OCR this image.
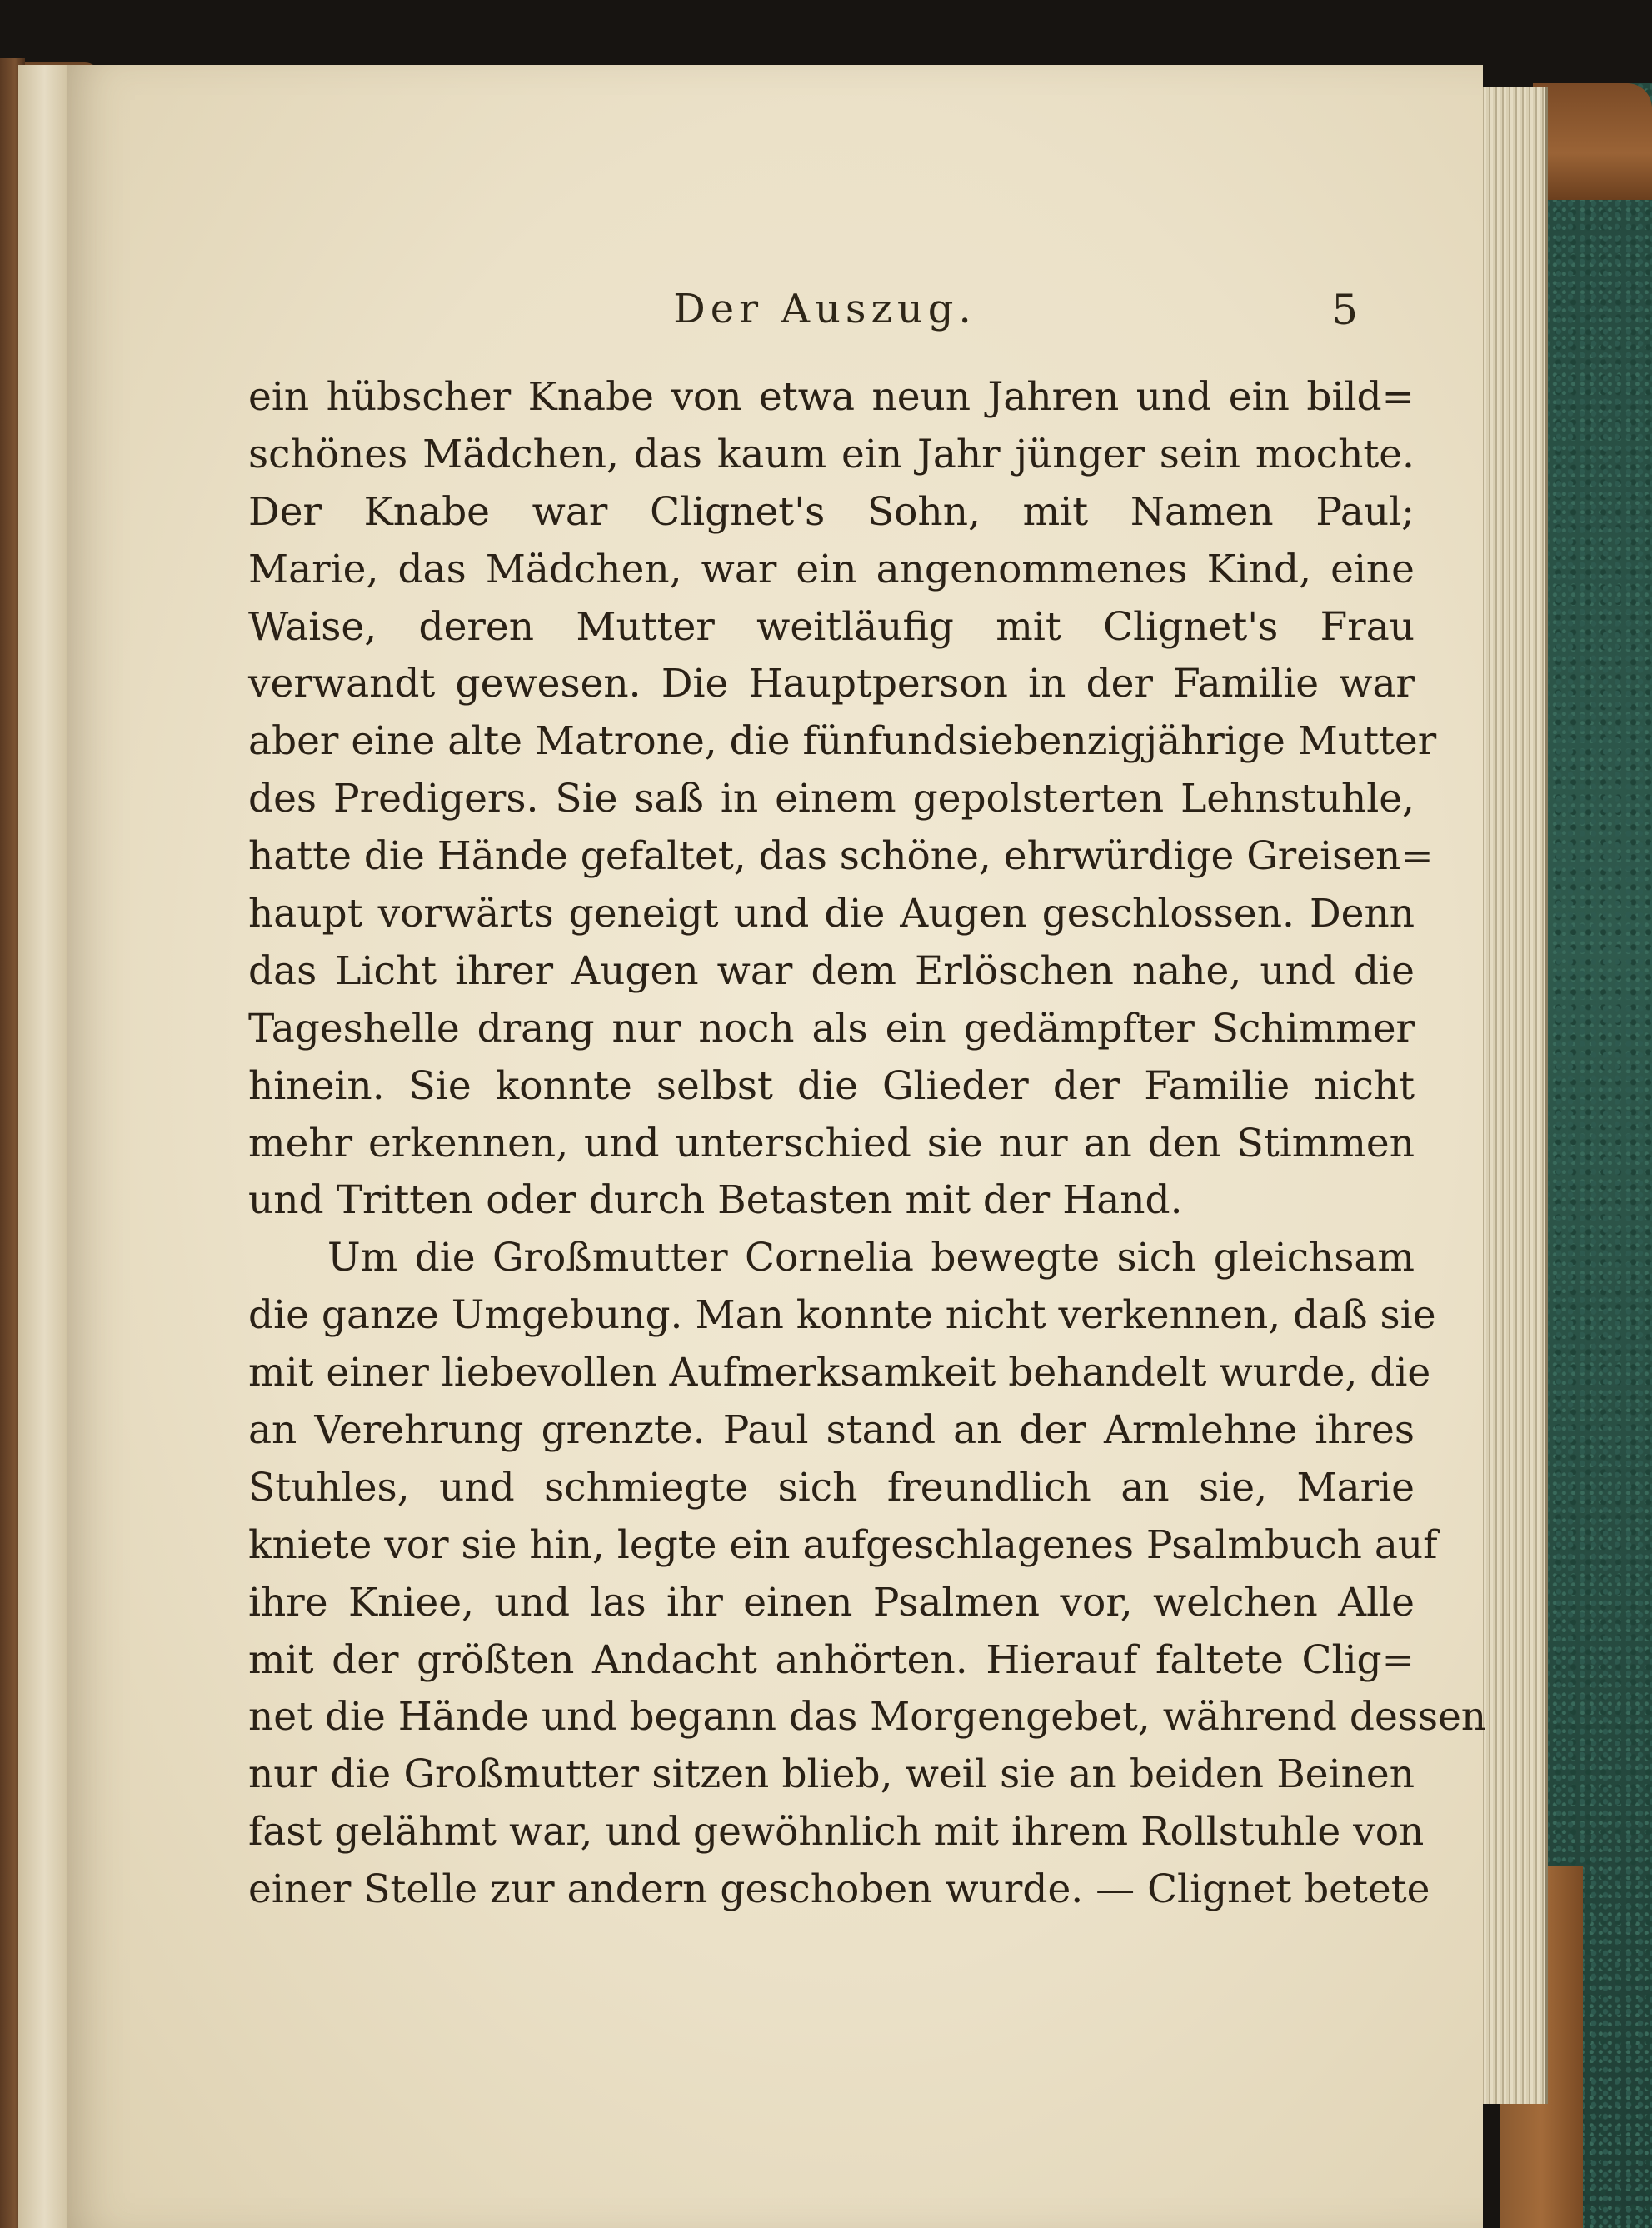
Der Auszug.	5
ein hübscher Knabe von etwa neun Jahren und ein bild=
schönes Mädchen, das kaum ein Jahr jünger sein mochte.
Der Knabe war Clignet's Sohn, mit Namen Paul;
Marie, das Mädchen, war ein angenommenes Kind, eine
Waise, deren Mutter weitläufig mit Clignet's Frau
verwandt gewesen. Die Hauptperson in der Familie war
aber eine alte Matrone, die fünfundsiebenzigjährige Mutter
des Predigers. Sie saß in einem gepolsterten Lehnstuhle,
hatte die Hände gefaltet, das schöne, ehrwürdige Greisen=
haupt vorwärts geneigt und die Augen geschlossen. Denn
das Licht ihrer Augen war dem Erlöschen nahe, und die
Tageshelle drang nur noch als ein gedämpfter Schimmer
hinein. Sie konnte selbst die Glieder der Familie nicht
mehr erkennen, und unterschied sie nur an den Stimmen
und Tritten oder durch Betasten mit der Hand.
Um die Großmutter Cornelia bewegte sich gleichsam
die ganze Umgebung. Man konnte nicht verkennen, daß sie
mit einer liebevollen Aufmerksamkeit behandelt wurde, die
an Verehrung grenzte. Paul stand an der Armlehne ihres
Stuhles, und schmiegte sich freundlich an sie, Marie
kniete vor sie hin, legte ein aufgeschlagenes Psalmbuch auf
ihre Kniee, und las ihr einen Psalmen vor, welchen Alle
mit der größten Andacht anhörten. Hierauf faltete Clig=
net die Hände und begann das Morgengebet, während dessen
nur die Großmutter sitzen blieb, weil sie an beiden Beinen
fast gelähmt war, und gewöhnlich mit ihrem Rollstuhle von
einer Stelle zur andern geschoben wurde. — Clignet betete
